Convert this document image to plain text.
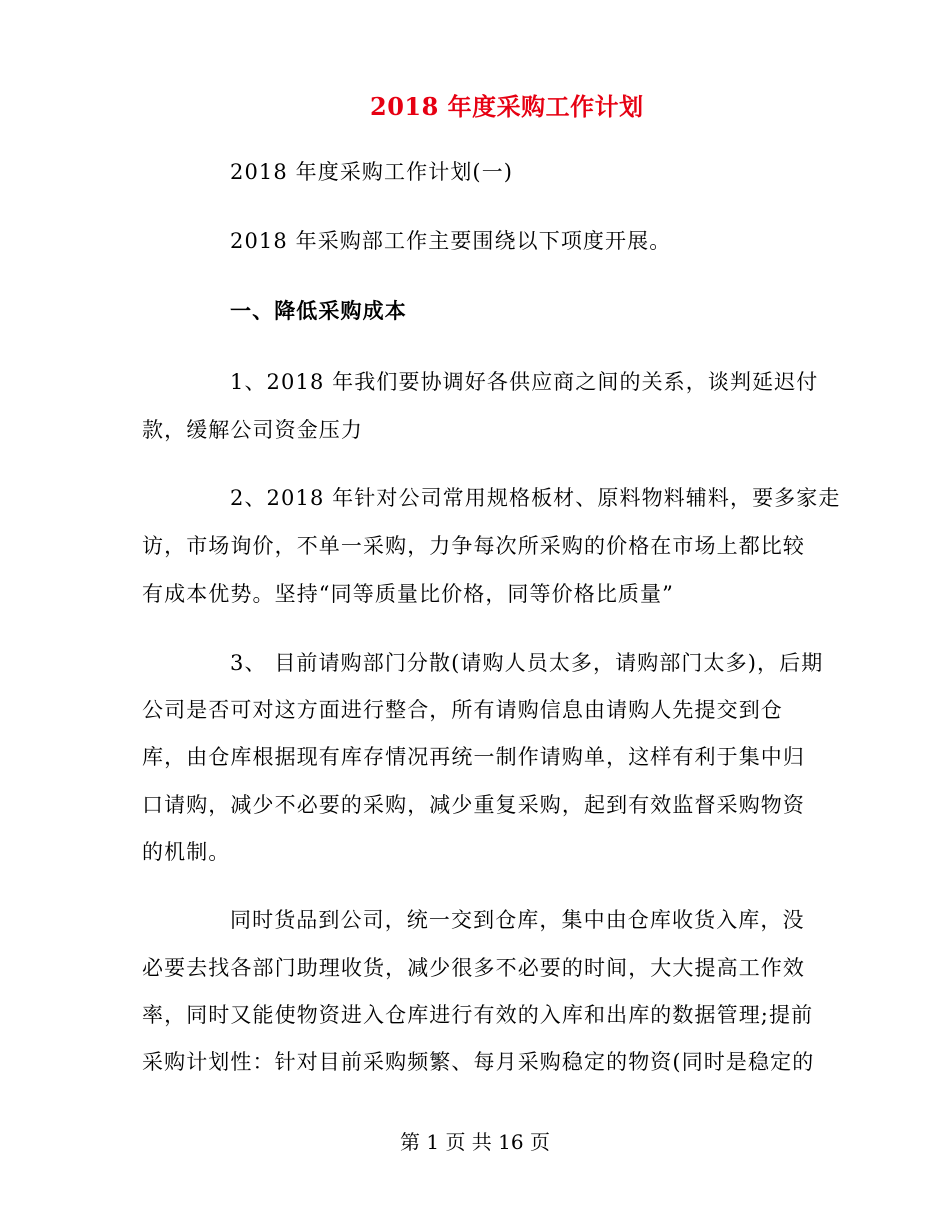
2018 年度采购工作计划
2018 年度采购工作计划(一)
2018 年采购部工作主要围绕以下项度开展。
一、降低采购成本
1、2018 年我们要协调好各供应商之间的关系，谈判延迟付
款，缓解公司资金压力
2、2018 年针对公司常用规格板材、原料物料辅料，要多家走
访，市场询价，不单一采购，力争每次所采购的价格在市场上都比较
有成本优势。坚持“同等质量比价格，同等价格比质量”
3、 目前请购部门分散(请购人员太多，请购部门太多)，后期
公司是否可对这方面进行整合，所有请购信息由请购人先提交到仓
库，由仓库根据现有库存情况再统一制作请购单，这样有利于集中归
口请购，减少不必要的采购，减少重复采购，起到有效监督采购物资
的机制。
同时货品到公司，统一交到仓库，集中由仓库收货入库，没
必要去找各部门助理收货，减少很多不必要的时间，大大提高工作效
率，同时又能使物资进入仓库进行有效的入库和出库的数据管理;提前
采购计划性：针对目前采购频繁、每月采购稳定的物资(同时是稳定的
第 1 页 共 16 页
